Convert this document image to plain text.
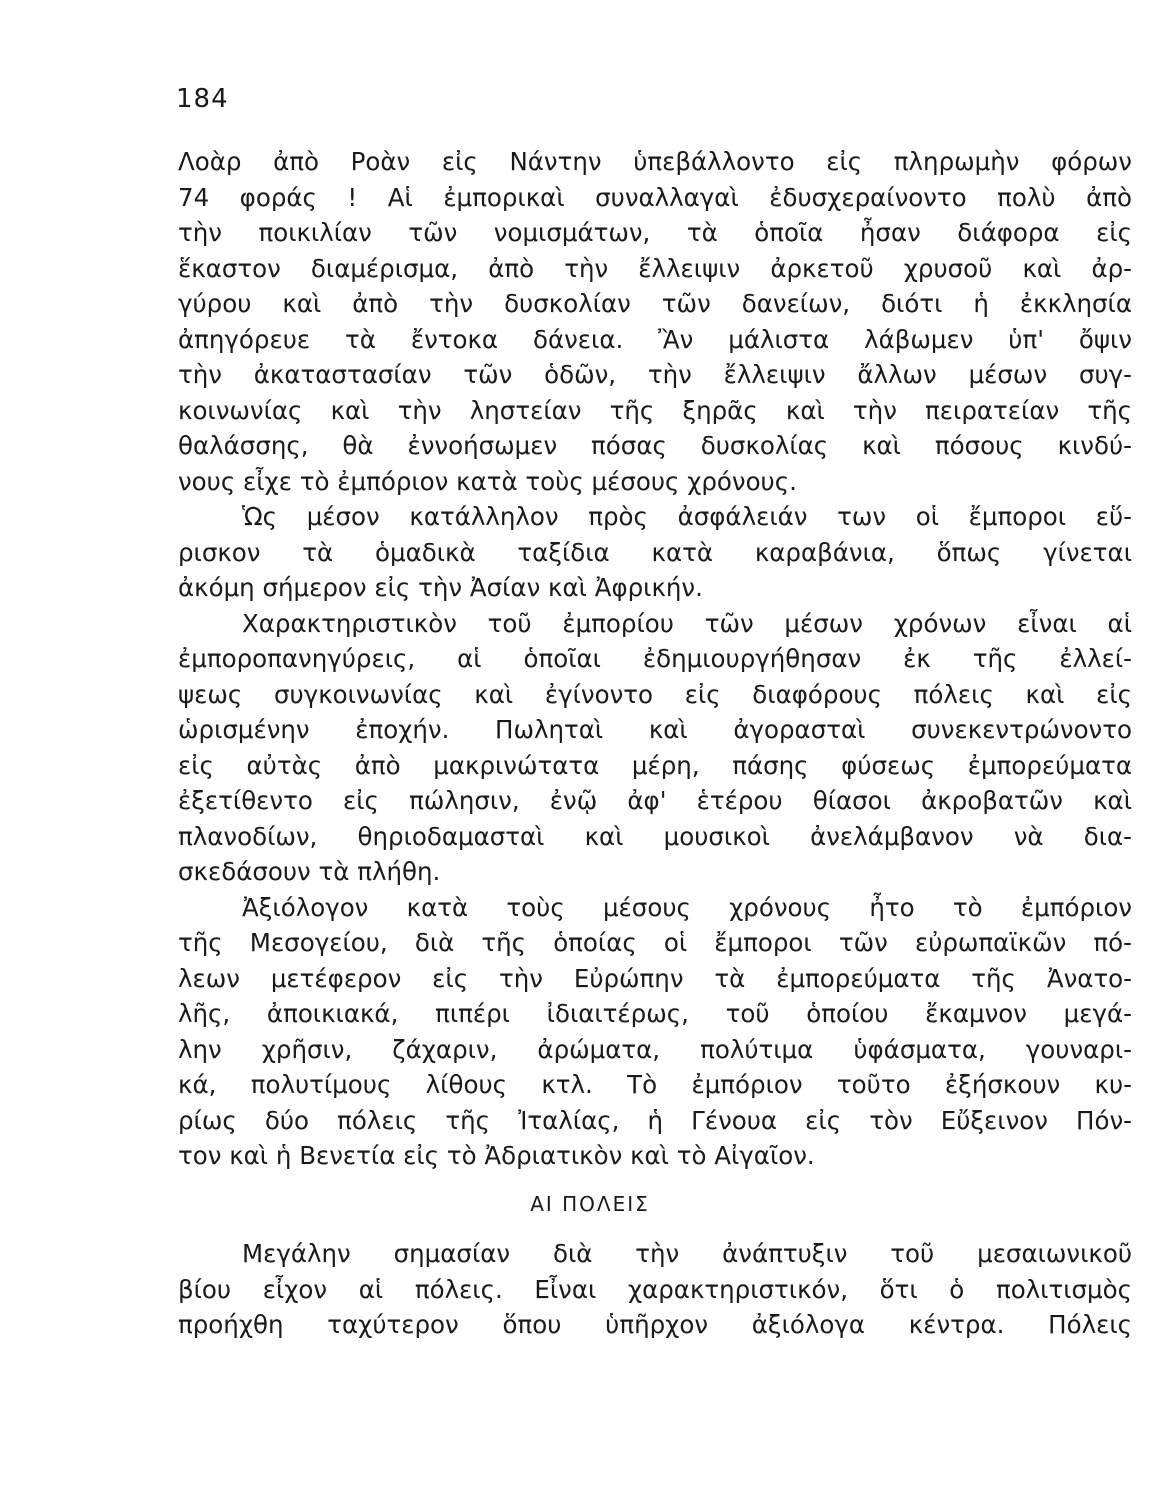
184
Λοὰρ ἀπὸ Ροὰν εἰς Νάντην ὑπεβάλλοντο εἰς πληρωμὴν φόρων
74 φοράς ! Αἱ ἐμπορικαὶ συναλλαγαὶ ἐδυσχεραίνοντο πολὺ ἀπὸ
τὴν ποικιλίαν τῶν νομισμάτων, τὰ ὁποῖα ἦσαν διάφορα εἰς
ἕκαστον διαμέρισμα, ἀπὸ τὴν ἔλλειψιν ἀρκετοῦ χρυσοῦ καὶ ἀρ-
γύρου καὶ ἀπὸ τὴν δυσκολίαν τῶν δανείων, διότι ἡ ἐκκλησία
ἀπηγόρευε τὰ ἔντοκα δάνεια. Ἂν μάλιστα λάβωμεν ὑπ' ὄψιν
τὴν ἀκαταστασίαν τῶν ὁδῶν, τὴν ἔλλειψιν ἄλλων μέσων συγ-
κοινωνίας καὶ τὴν ληστείαν τῆς ξηρᾶς καὶ τὴν πειρατείαν τῆς
θαλάσσης, θὰ ἐννοήσωμεν πόσας δυσκολίας καὶ πόσους κινδύ-
νους εἶχε τὸ ἐμπόριον κατὰ τοὺς μέσους χρόνους.
Ὡς μέσον κατάλληλον πρὸς ἀσφάλειάν των οἱ ἔμποροι εὕ-
ρισκον τὰ ὁμαδικὰ ταξίδια κατὰ καραβάνια, ὅπως γίνεται
ἀκόμη σήμερον εἰς τὴν Ἀσίαν καὶ Ἀφρικήν.
Χαρακτηριστικὸν τοῦ ἐμπορίου τῶν μέσων χρόνων εἶναι αἱ
ἐμποροπανηγύρεις, αἱ ὁποῖαι ἐδημιουργήθησαν ἐκ τῆς ἐλλεί-
ψεως συγκοινωνίας καὶ ἐγίνοντο εἰς διαφόρους πόλεις καὶ εἰς
ὡρισμένην ἐποχήν. Πωληταὶ καὶ ἀγορασταὶ συνεκεντρώνοντο
εἰς αὐτὰς ἀπὸ μακρινώτατα μέρη, πάσης φύσεως ἐμπορεύματα
ἐξετίθεντο εἰς πώλησιν, ἐνῷ ἀφ' ἑτέρου θίασοι ἀκροβατῶν καὶ
πλανοδίων, θηριοδαμασταὶ καὶ μουσικοὶ ἀνελάμβανον νὰ δια-
σκεδάσουν τὰ πλήθη.
Ἀξιόλογον κατὰ τοὺς μέσους χρόνους ἦτο τὸ ἐμπόριον
τῆς Μεσογείου, διὰ τῆς ὁποίας οἱ ἔμποροι τῶν εὐρωπαϊκῶν πό-
λεων μετέφερον εἰς τὴν Εὐρώπην τὰ ἐμπορεύματα τῆς Ἀνατο-
λῆς, ἀποικιακά, πιπέρι ἰδιαιτέρως, τοῦ ὁποίου ἔκαμνον μεγά-
λην χρῆσιν, ζάχαριν, ἀρώματα, πολύτιμα ὑφάσματα, γουναρι-
κά, πολυτίμους λίθους κτλ. Τὸ ἐμπόριον τοῦτο ἐξήσκουν κυ-
ρίως δύο πόλεις τῆς Ἰταλίας, ἡ Γένουα εἰς τὸν Εὔξεινον Πόν-
τον καὶ ἡ Βενετία εἰς τὸ Ἀδριατικὸν καὶ τὸ Αἰγαῖον.
ΑΙ ΠΟΛΕΙΣ
Μεγάλην σημασίαν διὰ τὴν ἀνάπτυξιν τοῦ μεσαιωνικοῦ
βίου εἶχον αἱ πόλεις. Εἶναι χαρακτηριστικόν, ὅτι ὁ πολιτισμὸς
προήχθη ταχύτερον ὅπου ὑπῆρχον ἀξιόλογα κέντρα. Πόλεις
